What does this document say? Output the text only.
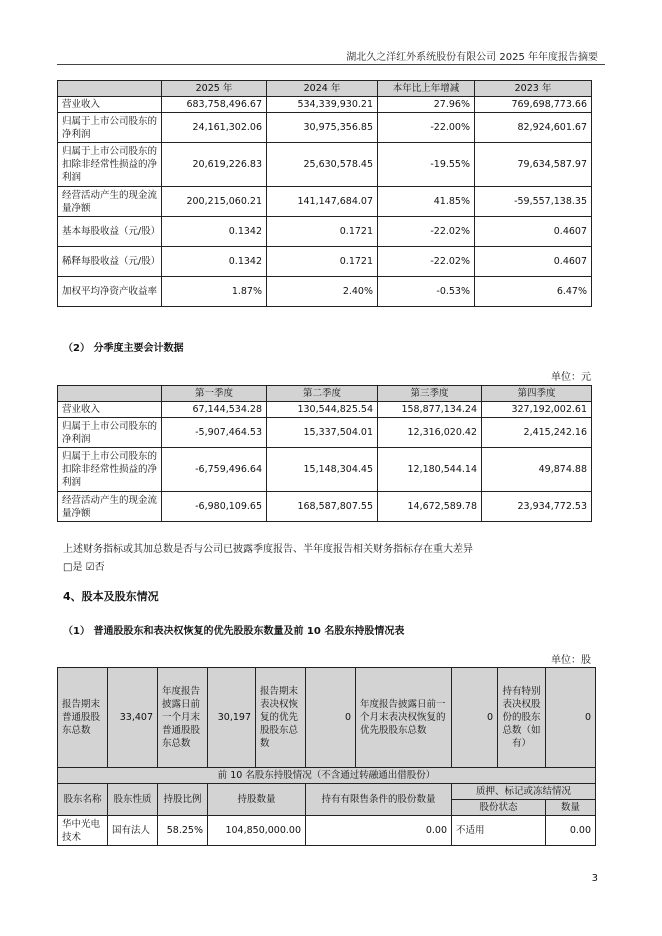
湖北久之洋红外系统股份有限公司 2025 年年度报告摘要
	2025 年	2024 年	本年比上年增减	2023 年
营业收入	683,758,496.67	534,339,930.21	27.96%	769,698,773.66
归属于上市公司股东的净利润	24,161,302.06	30,975,356.85	-22.00%	82,924,601.67
归属于上市公司股东的扣除非经常性损益的净利润	20,619,226.83	25,630,578.45	-19.55%	79,634,587.97
经营活动产生的现金流量净额	200,215,060.21	141,147,684.07	41.85%	-59,557,138.35
基本每股收益（元/股）	0.1342	0.1721	-22.02%	0.4607
稀释每股收益（元/股）	0.1342	0.1721	-22.02%	0.4607
加权平均净资产收益率	1.87%	2.40%	-0.53%	6.47%
（2） 分季度主要会计数据
单位：元
	第一季度	第二季度	第三季度	第四季度
营业收入	67,144,534.28	130,544,825.54	158,877,134.24	327,192,002.61
归属于上市公司股东的净利润	-5,907,464.53	15,337,504.01	12,316,020.42	2,415,242.16
归属于上市公司股东的扣除非经常性损益的净利润	-6,759,496.64	15,148,304.45	12,180,544.14	49,874.88
经营活动产生的现金流量净额	-6,980,109.65	168,587,807.55	14,672,589.78	23,934,772.53
上述财务指标或其加总数是否与公司已披露季度报告、半年度报告相关财务指标存在重大差异
□是 ☑否
4、股本及股东情况
（1） 普通股股东和表决权恢复的优先股股东数量及前 10 名股东持股情况表
单位：股
报告期末普通股股东总数	33,407	年度报告披露日前一个月末普通股股东总数	30,197	报告期末表决权恢复的优先股股东总数	0	年度报告披露日前一个月末表决权恢复的优先股股东总数	0	持有特别表决权股份的股东总数（如有）	0
前 10 名股东持股情况（不含通过转融通出借股份）									
股东名称	股东性质	持股比例	持股数量		持有有限售条件的股份数量		质押、标记或冻结情况		
							股份状态		数量
华中光电技术	国有法人	58.25%	104,850,000.00		0.00		不适用		0.00
3
